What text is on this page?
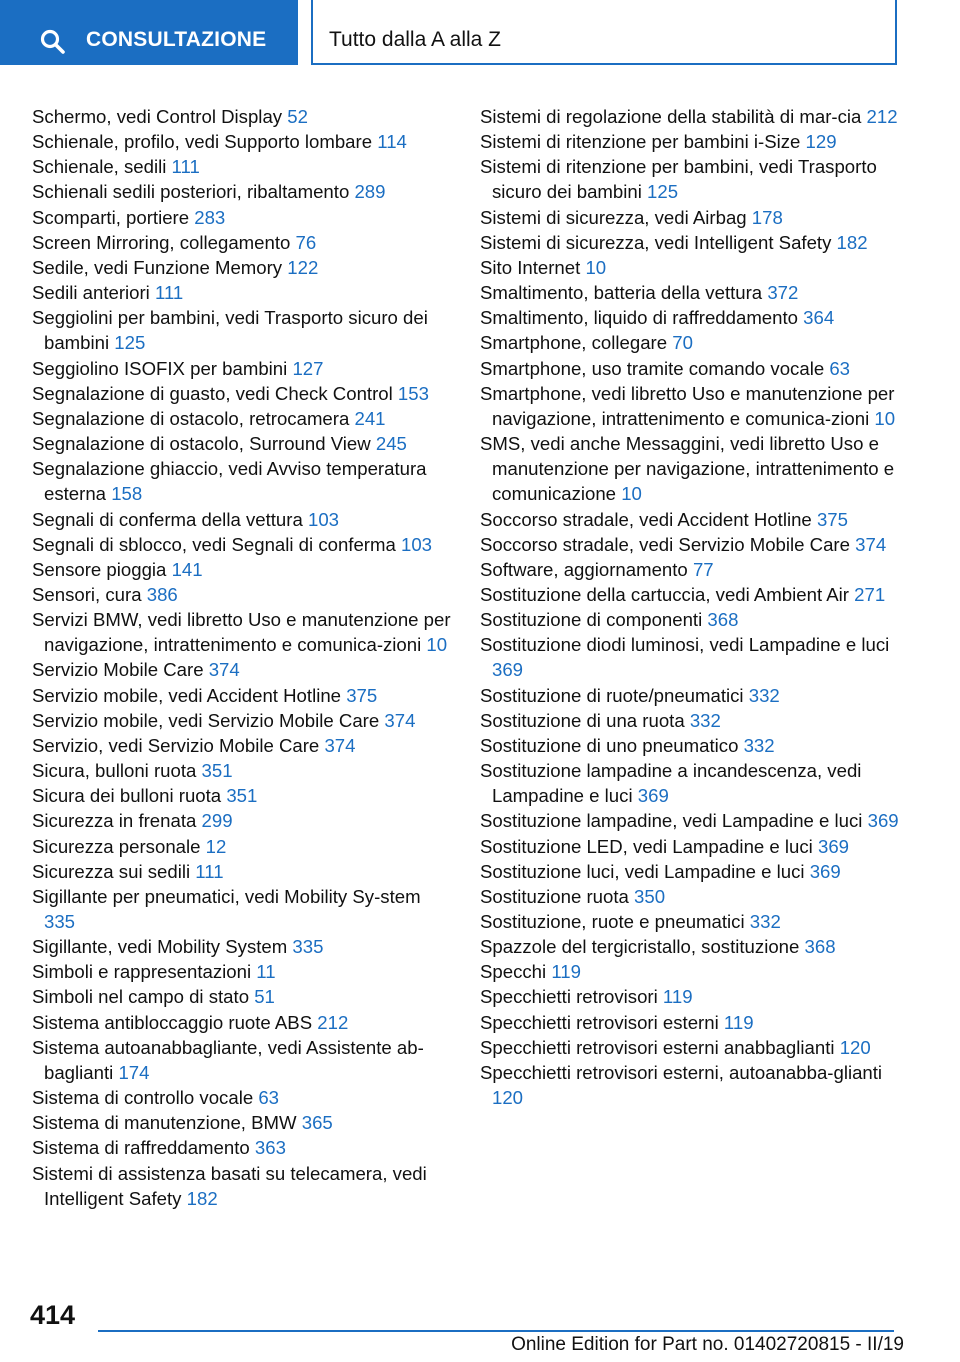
CONSULTAZIONE	Tutto dalla A alla Z
Schermo, vedi Control Display 52
Schienale, profilo, vedi Supporto lombare 114
Schienale, sedili 111
Schienali sedili posteriori, ribaltamento 289
Scomparti, portiere 283
Screen Mirroring, collegamento 76
Sedile, vedi Funzione Memory 122
Sedili anteriori 111
Seggiolini per bambini, vedi Trasporto sicuro dei bambini 125
Seggiolino ISOFIX per bambini 127
Segnalazione di guasto, vedi Check Control 153
Segnalazione di ostacolo, retrocamera 241
Segnalazione di ostacolo, Surround View 245
Segnalazione ghiaccio, vedi Avviso temperatura esterna 158
Segnali di conferma della vettura 103
Segnali di sblocco, vedi Segnali di conferma 103
Sensore pioggia 141
Sensori, cura 386
Servizi BMW, vedi libretto Uso e manutenzione per navigazione, intrattenimento e comunica-zioni 10
Servizio Mobile Care 374
Servizio mobile, vedi Accident Hotline 375
Servizio mobile, vedi Servizio Mobile Care 374
Servizio, vedi Servizio Mobile Care 374
Sicura, bulloni ruota 351
Sicura dei bulloni ruota 351
Sicurezza in frenata 299
Sicurezza personale 12
Sicurezza sui sedili 111
Sigillante per pneumatici, vedi Mobility Sy-stem 335
Sigillante, vedi Mobility System 335
Simboli e rappresentazioni 11
Simboli nel campo di stato 51
Sistema antibloccaggio ruote ABS 212
Sistema autoanabbagliante, vedi Assistente ab-baglianti 174
Sistema di controllo vocale 63
Sistema di manutenzione, BMW 365
Sistema di raffreddamento 363
Sistemi di assistenza basati su telecamera, vedi Intelligent Safety 182
Sistemi di regolazione della stabilità di mar-cia 212
Sistemi di ritenzione per bambini i-Size 129
Sistemi di ritenzione per bambini, vedi Trasporto sicuro dei bambini 125
Sistemi di sicurezza, vedi Airbag 178
Sistemi di sicurezza, vedi Intelligent Safety 182
Sito Internet 10
Smaltimento, batteria della vettura 372
Smaltimento, liquido di raffreddamento 364
Smartphone, collegare 70
Smartphone, uso tramite comando vocale 63
Smartphone, vedi libretto Uso e manutenzione per navigazione, intrattenimento e comunica-zioni 10
SMS, vedi anche Messaggini, vedi libretto Uso e manutenzione per navigazione, intrattenimento e comunicazione 10
Soccorso stradale, vedi Accident Hotline 375
Soccorso stradale, vedi Servizio Mobile Care 374
Software, aggiornamento 77
Sostituzione della cartuccia, vedi Ambient Air 271
Sostituzione di componenti 368
Sostituzione diodi luminosi, vedi Lampadine e luci 369
Sostituzione di ruote/pneumatici 332
Sostituzione di una ruota 332
Sostituzione di uno pneumatico 332
Sostituzione lampadine a incandescenza, vedi Lampadine e luci 369
Sostituzione lampadine, vedi Lampadine e luci 369
Sostituzione LED, vedi Lampadine e luci 369
Sostituzione luci, vedi Lampadine e luci 369
Sostituzione ruota 350
Sostituzione, ruote e pneumatici 332
Spazzole del tergicristallo, sostituzione 368
Specchi 119
Specchietti retrovisori 119
Specchietti retrovisori esterni 119
Specchietti retrovisori esterni anabbaglianti 120
Specchietti retrovisori esterni, autoanabba-glianti 120
414
Online Edition for Part no. 01402720815 - II/19
